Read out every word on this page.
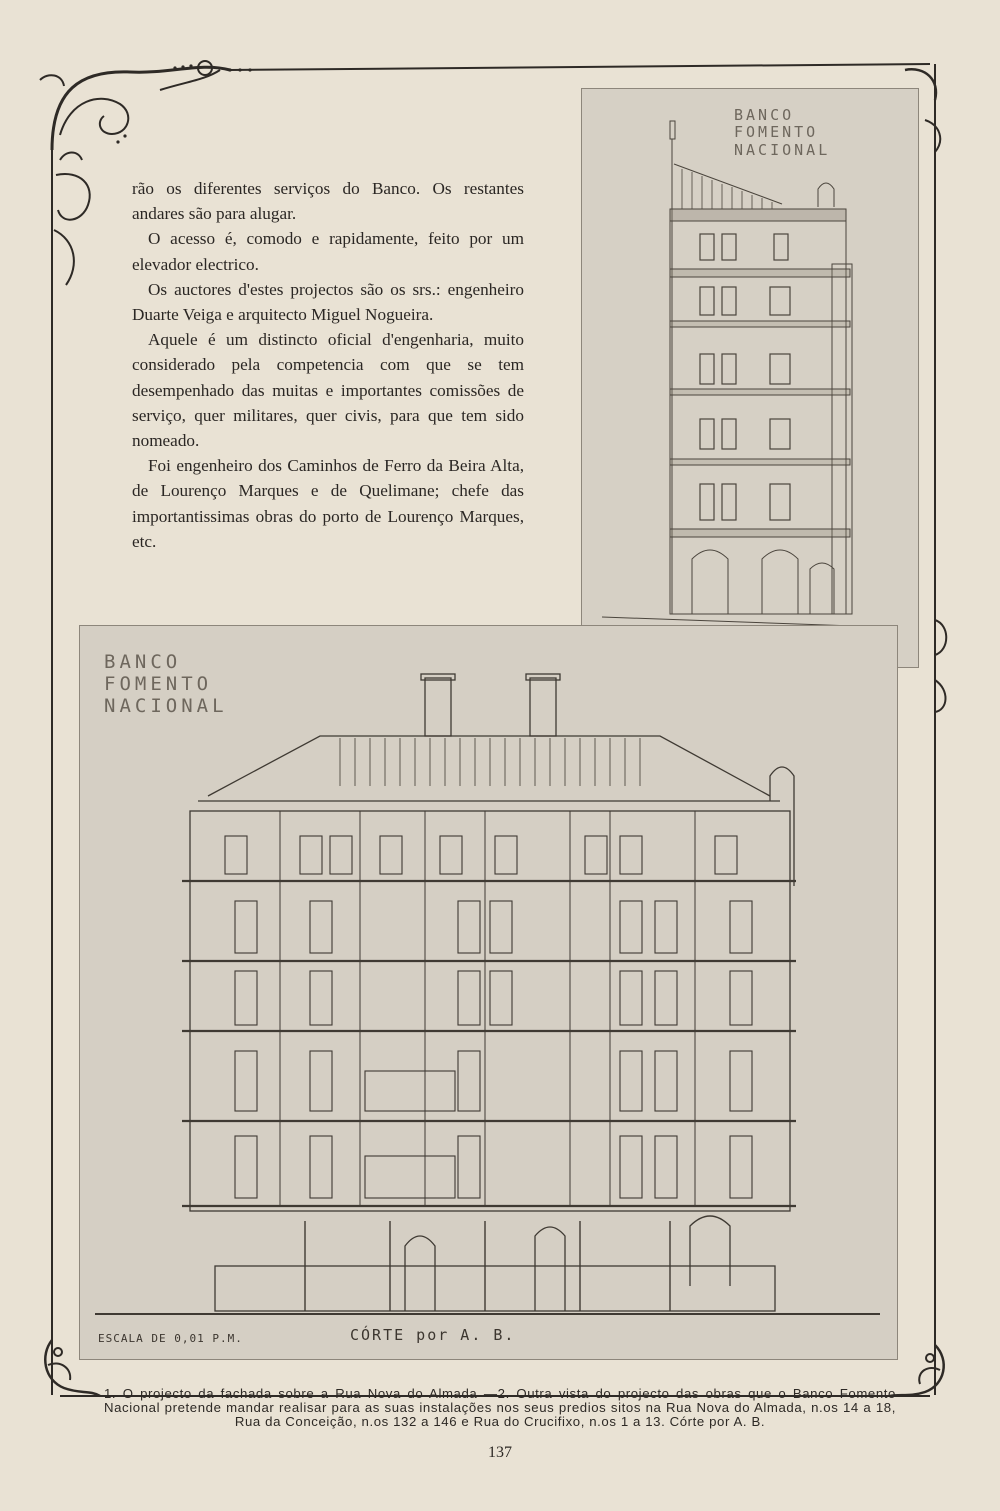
rão os diferentes serviços do Banco. Os restantes andares são para alugar.

O acesso é, comodo e rapidamente, feito por um elevador electrico.

Os auctores d'estes projectos são os srs.: engenheiro Duarte Veiga e arquitecto Miguel Nogueira.

Aquele é um distincto oficial d'engenharia, muito considerado pela competencia com que se tem desempenhado das muitas e importantes comissões de serviço, quer militares, quer civis, para que tem sido nomeado.

Foi engenheiro dos Caminhos de Ferro da Beira Alta, de Lourenço Marques e de Quelimane; chefe das importantissimas obras do porto de Lourenço Marques, etc.

BANCO
FOMENTO
NACIONAL
BANCO
FOMENTO
NACIONAL
ESCALA DE 0,01 P.M.	CÓRTE por A. B.
1. O projecto da fachada sobre a Rua Nova do Almada —2. Outra vista do projecto das obras que o Banco Fomento Nacional pretende mandar realisar para as suas instalações nos seus predios sitos na Rua Nova do Almada, n.os 14 a 18, Rua da Conceição, n.os 132 a 146 e Rua do Crucifixo, n.os 1 a 13. Córte por A. B.
137
